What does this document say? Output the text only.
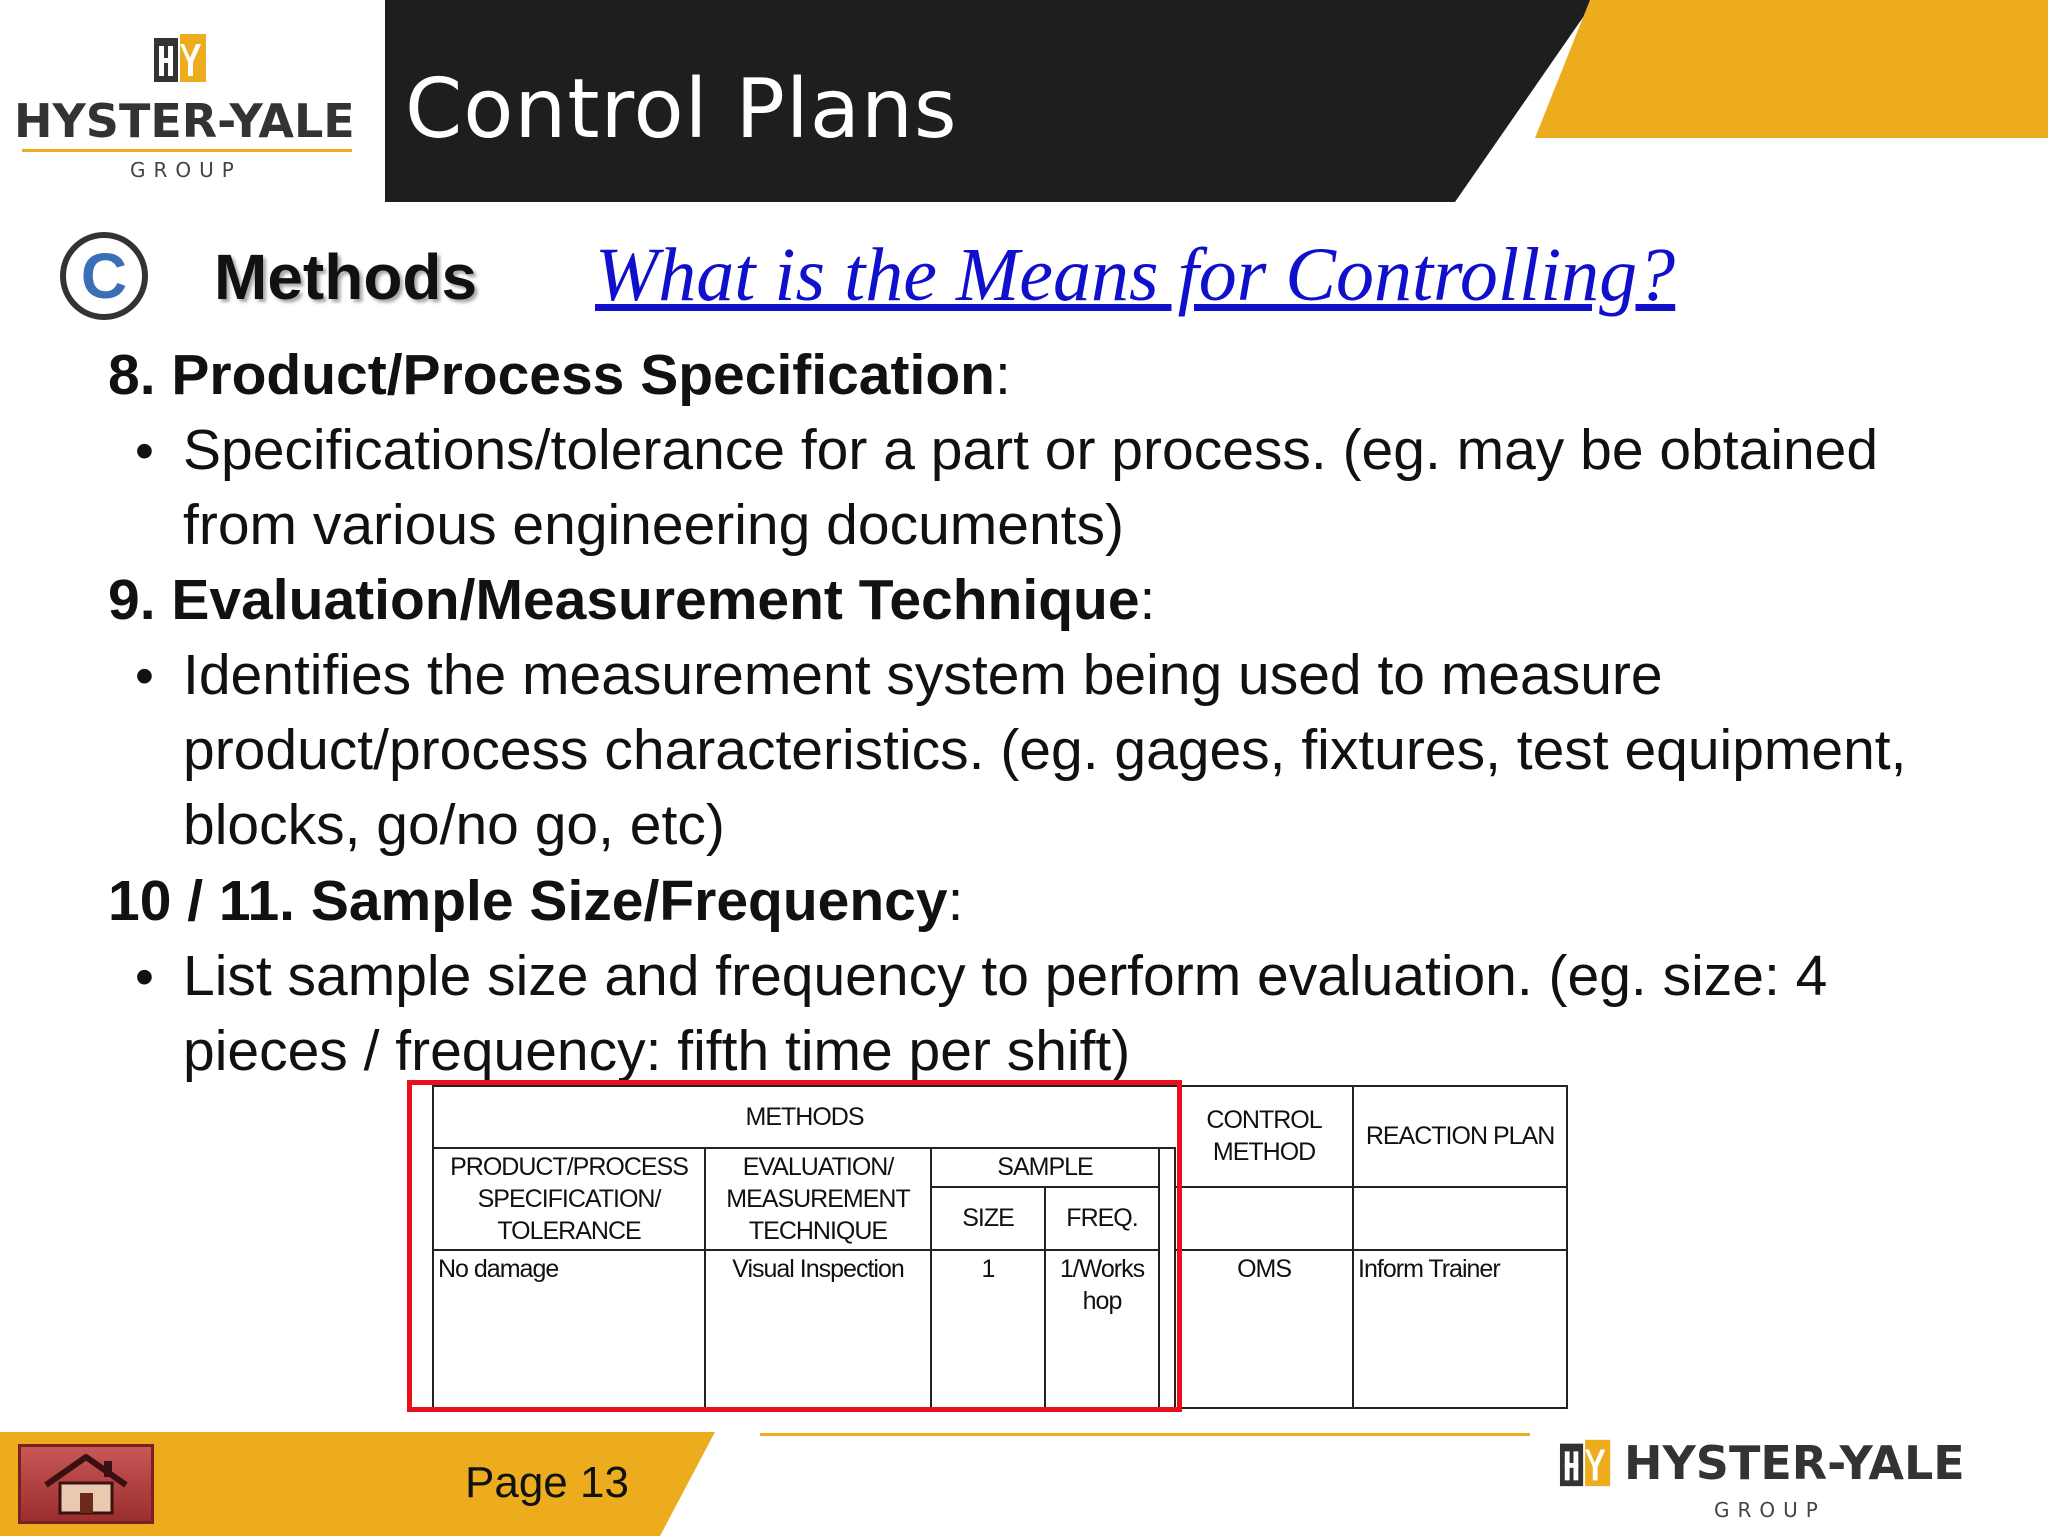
Control Plans
HYSTER-YALE
GROUP
C Methods What is the Means for Controlling?
8. Product/Process Specification:
• Specifications/tolerance for a part or process. (eg. may be obtained from various engineering documents)
9. Evaluation/Measurement Technique:
• Identifies the measurement system being used to measure product/process characteristics. (eg. gages, fixtures, test equipment, blocks, go/no go, etc)
10 / 11. Sample Size/Frequency:
• List sample size and frequency to perform evaluation. (eg. size: 4 pieces / frequency: fifth time per shift)
METHODS					CONTROL METHOD	REACTION PLAN
PRODUCT/PROCESS SPECIFICATION/ TOLERANCE	EVALUATION/ MEASUREMENT TECHNIQUE	SAMPLE				
		SIZE	FREQ.			
No damage	Visual Inspection	1	1/Works hop		OMS	Inform Trainer
Page 13	HYSTER-YALE
GROUP
